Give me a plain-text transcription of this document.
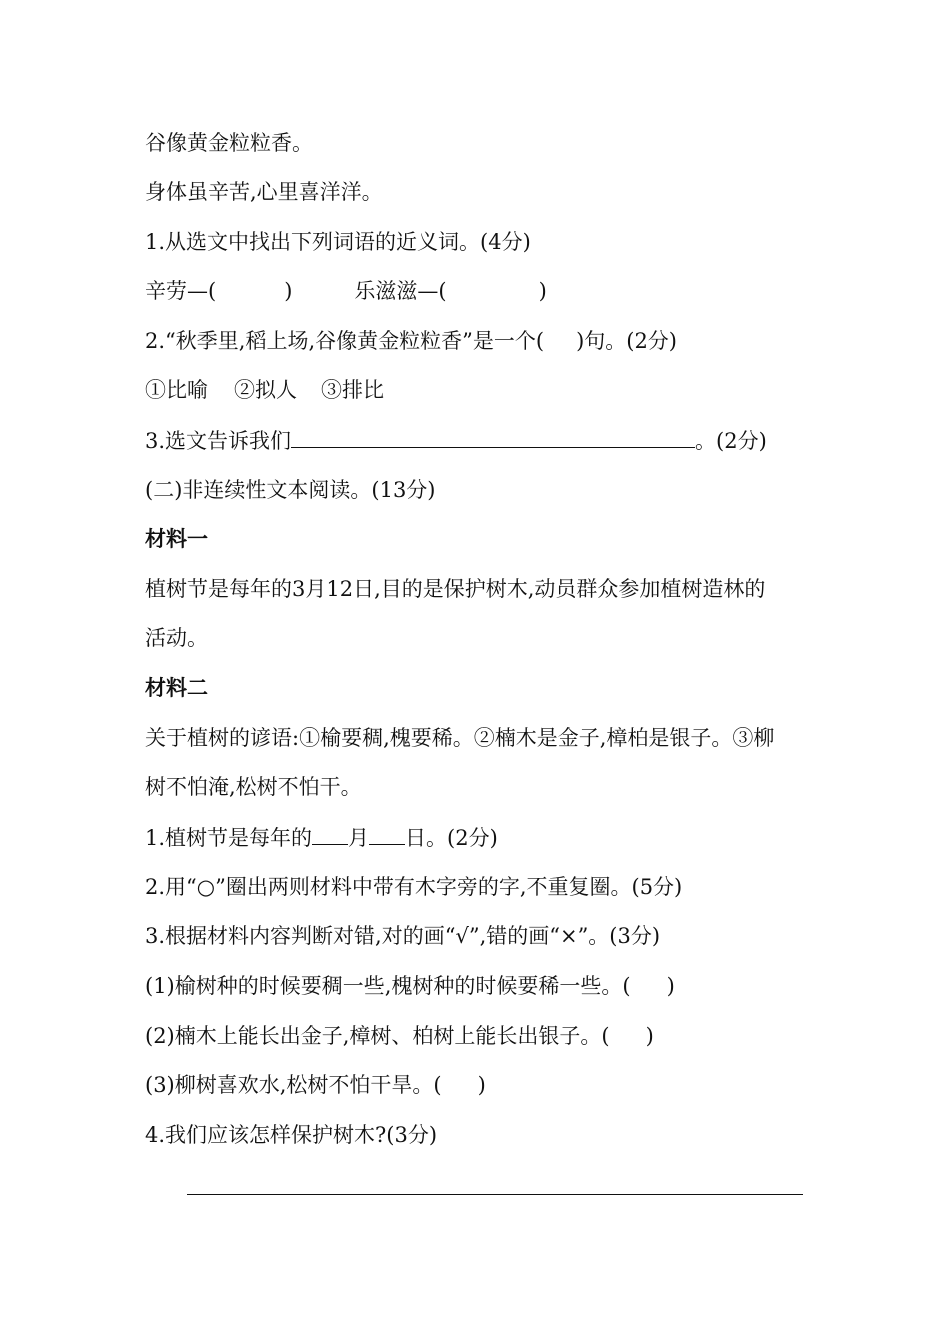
谷像黄金粒粒香。
身体虽辛苦,心里喜洋洋。
1.从选文中找出下列词语的近义词。(4分)
辛劳—(	)	乐滋滋—(	)
2.“秋季里,稻上场,谷像黄金粒粒香”是一个( )句。(2分)
①比喻 ②拟人 ③排比
3.选文告诉我们	。(2分)
(二)非连续性文本阅读。(13分)
材料一
植树节是每年的3月12日,目的是保护树木,动员群众参加植树造林的
活动。
材料二
关于植树的谚语:①榆要稠,槐要稀。②楠木是金子,樟柏是银子。③柳
树不怕淹,松树不怕干。
1.植树节是每年的 月 日。(2分)
2.用“○”圈出两则材料中带有木字旁的字,不重复圈。(5分)
3.根据材料内容判断对错,对的画“√”,错的画“×”。(3分)
(1)榆树种的时候要稠一些,槐树种的时候要稀一些。( )
(2)楠木上能长出金子,樟树、柏树上能长出银子。( )
(3)柳树喜欢水,松树不怕干旱。( )
4.我们应该怎样保护树木?(3分)
